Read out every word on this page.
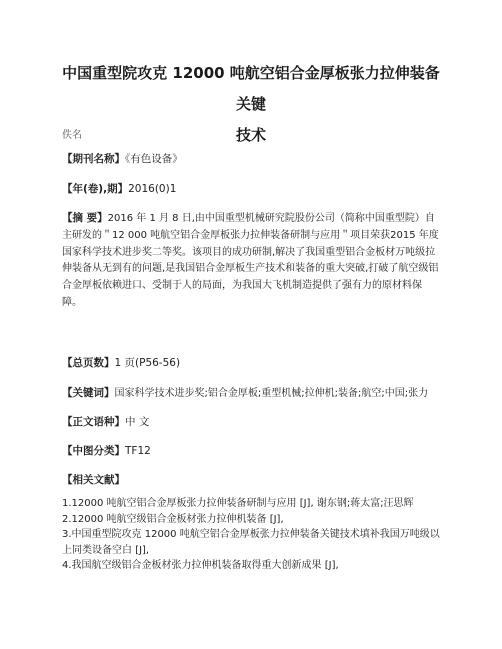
中国重型院攻克 12000 吨航空铝合金厚板张力拉伸装备关键
技术
佚名
【期刊名称】《有色设备》
【年(卷),期】2016(0)1
【摘 要】2016 年 1 月 8 日,由中国重型机械研究院股份公司（简称中国重型院）自主研发的＂12 000 吨航空铝合金厚板张力拉伸装备研制与应用＂项目荣获2015 年度国家科学技术进步奖二等奖。该项目的成功研制,解决了我国重型铝合金板材万吨级拉伸装备从无到有的问题,是我国铝合金厚板生产技术和装备的重大突破,打破了航空级铝合金厚板依赖进口、受制于人的局面，为我国大飞机制造提供了强有力的原材料保障。
【总页数】1 页(P56-56)
【关键词】国家科学技术进步奖;铝合金厚板;重型机械;拉伸机;装备;航空;中国;张力
【正文语种】中 文
【中图分类】TF12
【相关文献】
1.12000 吨航空铝合金厚板张力拉伸装备研制与应用 [J], 谢东钢;蒋太富;汪思辉
2.12000 吨航空级铝合金板材张力拉伸机装备 [J],
3.中国重型院攻克 12000 吨航空铝合金厚板张力拉伸装备关键技术填补我国万吨级以上同类设备空白 [J],
4.我国航空级铝合金板材张力拉伸机装备取得重大创新成果 [J],
